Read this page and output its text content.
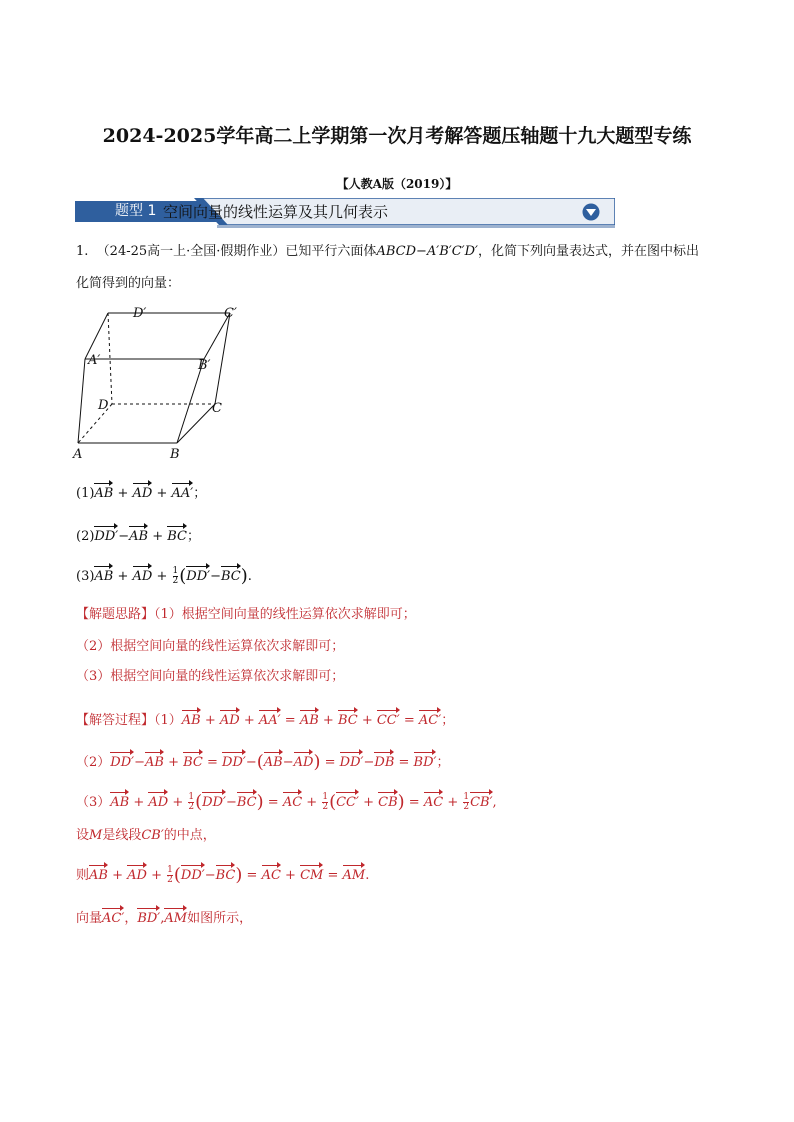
2024-2025学年高二上学期第一次月考解答题压轴题十九大题型专练
【人教A版（2019）】
题型 1 空间向量的线性运算及其几何表示
1. （24-25高一上·全国·假期作业）已知平行六面体ABCD−A′B′C′D′，化简下列向量表达式，并在图中标出
化简得到的向量：
D′	C′
A′	B′
D	C
A	B
(1)AB + AD + AA′；
(2)DD′−AB + BC；
(3)AB + AD + $\frac{1}{2} (DD'-BC)$.
【解题思路】（1）根据空间向量的线性运算依次求解即可；
（2）根据空间向量的线性运算依次求解即可；
（3）根据空间向量的线性运算依次求解即可；
【解答过程】（1）AB + AD + AA′ = AB + BC + CC′ = AC′；
（2）DD′−AB + BC = DD′−(AB−AD) = DD′−DB = BD′；
（3）AB + AD + $\frac{1}{2} (DD'-BC)$ = AC + $\frac{1}{2} (CC' + CB)$ = AC + $\frac{1}{2} CB'$,
设M是线段CB′的中点，
则AB + AD + $\frac{1}{2} (DD'-BC)$ = AC + CM = AM.
向量AC′，BD′,AM如图所示，
